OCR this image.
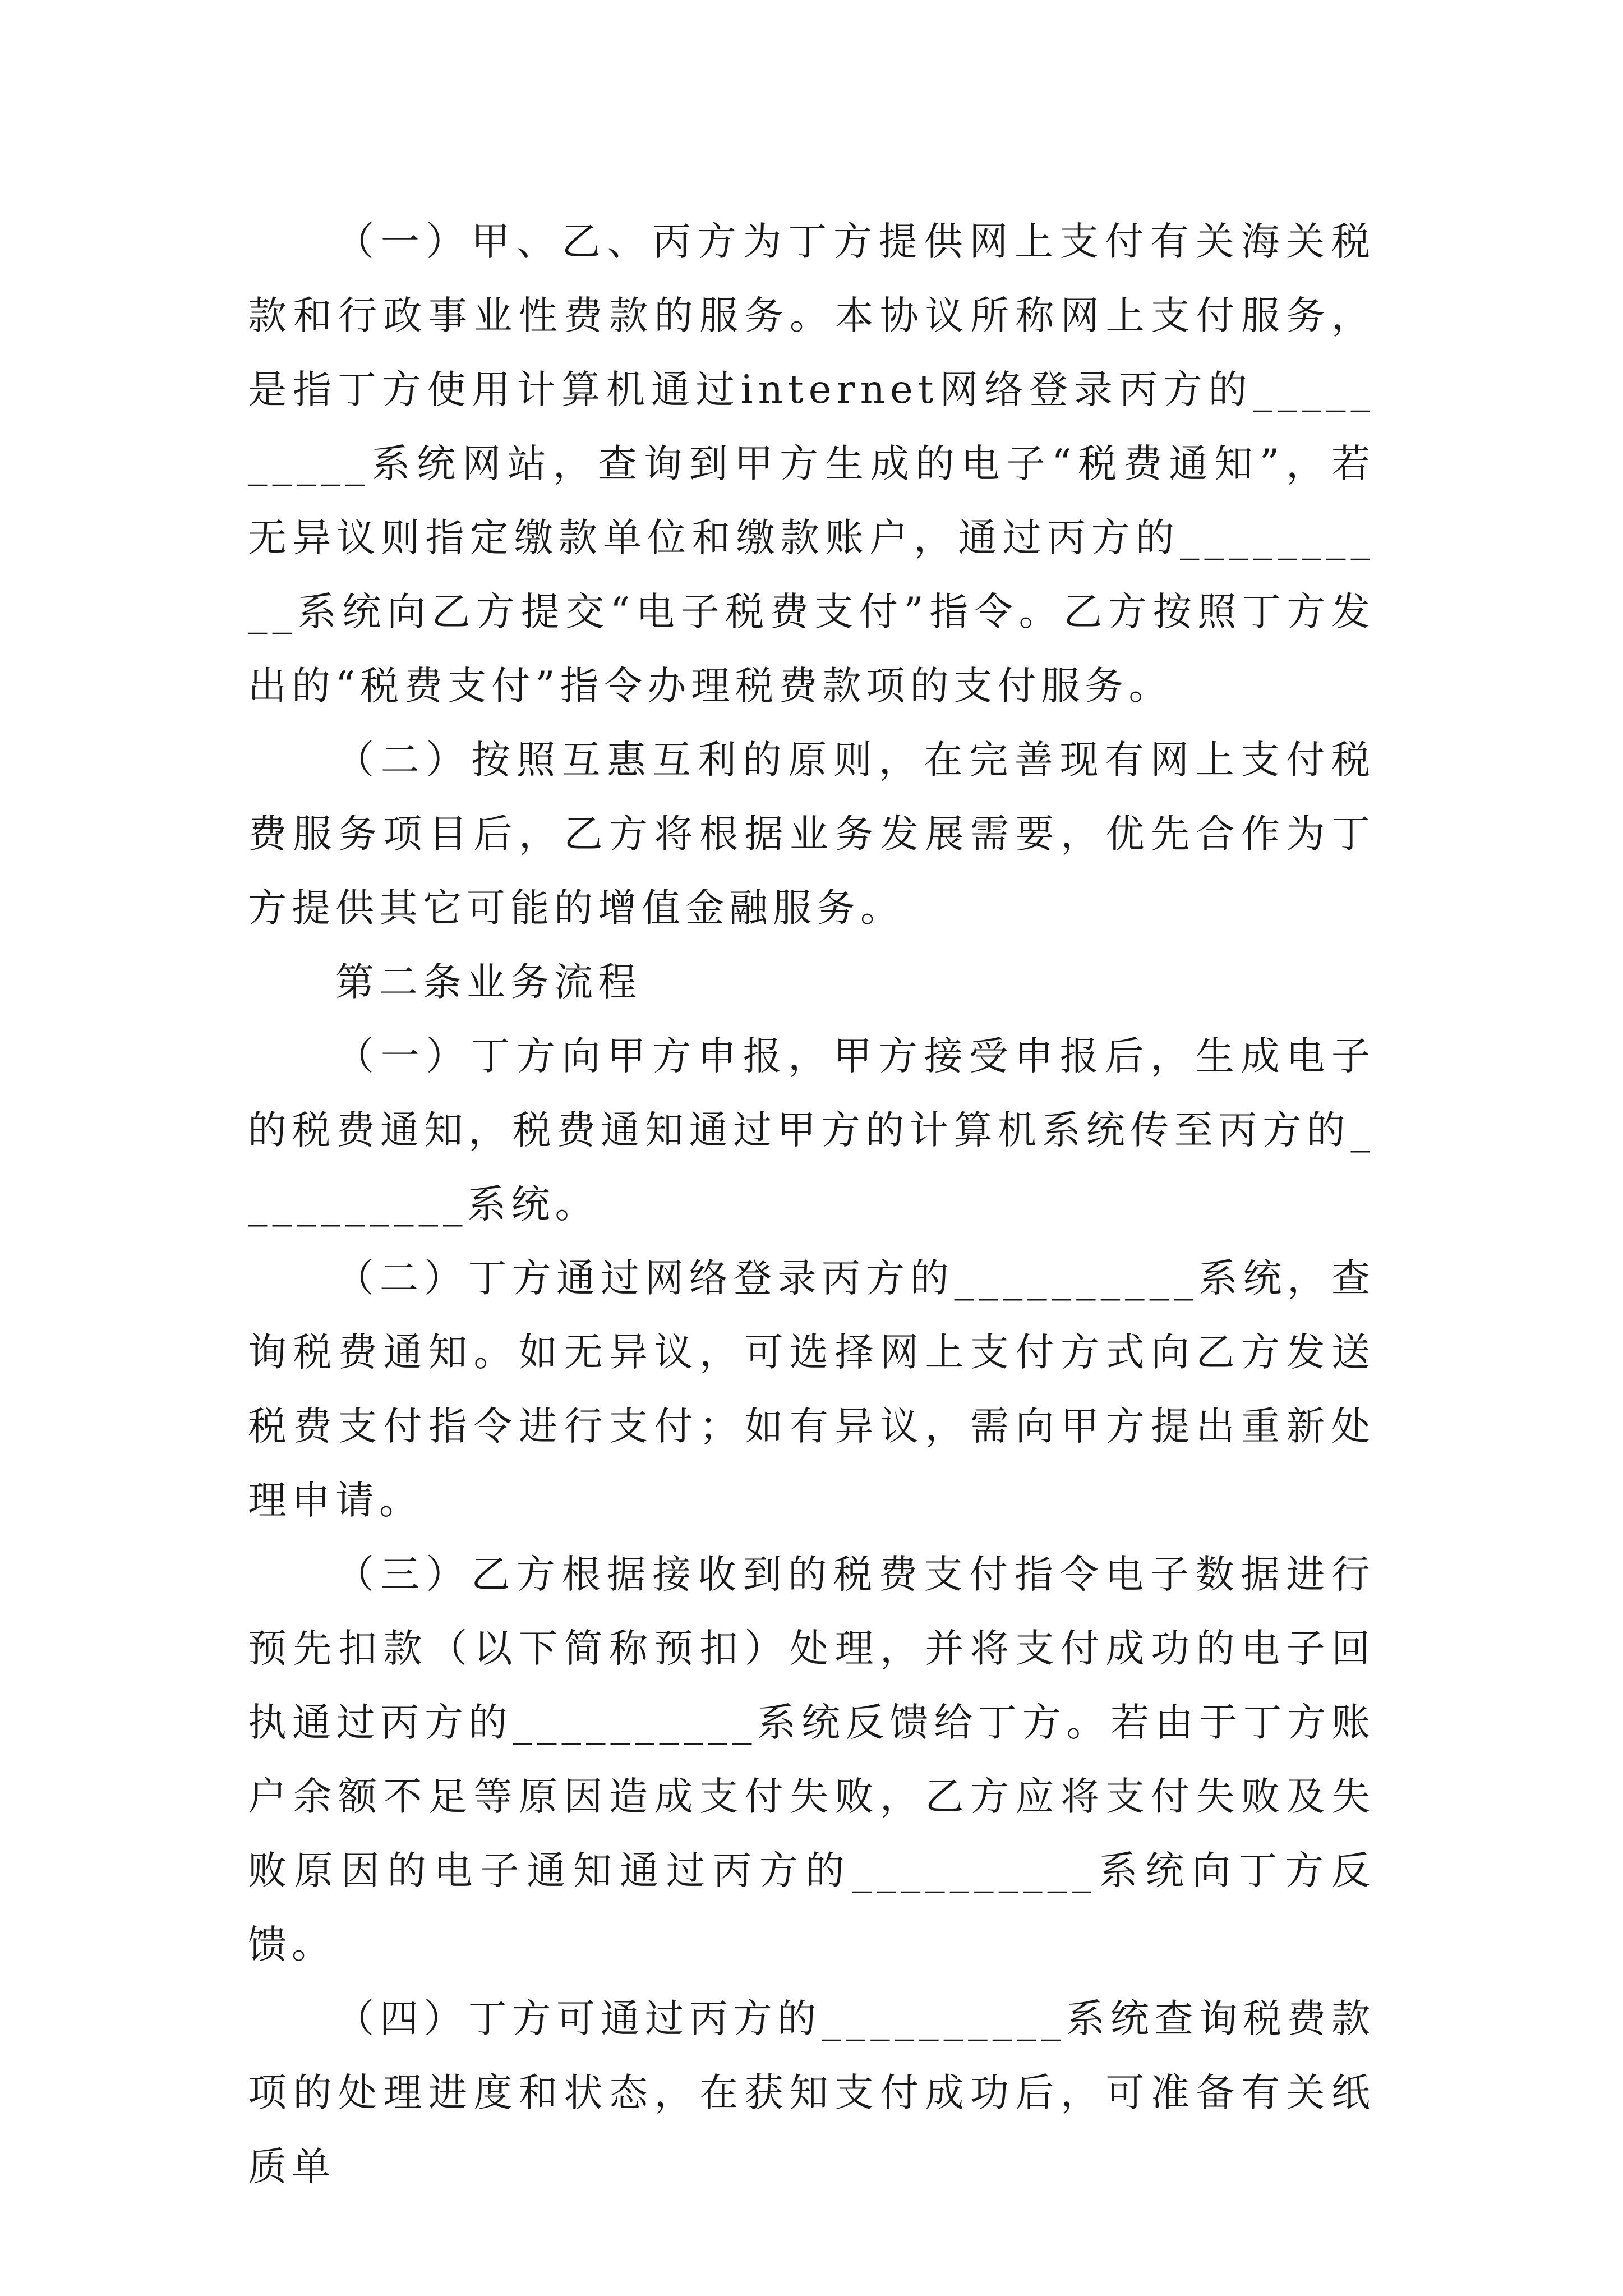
（一）甲、乙、丙方为丁方提供网上支付有关海关税款和行政事业性费款的服务。本协议所称网上支付服务，是指丁方使用计算机通过internet网络登录丙方的__________系统网站，查询到甲方生成的电子“税费通知”，若无异议则指定缴款单位和缴款账户，通过丙方的__________系统向乙方提交“电子税费支付”指令。乙方按照丁方发出的“税费支付”指令办理税费款项的支付服务。

（二）按照互惠互利的原则，在完善现有网上支付税费服务项目后，乙方将根据业务发展需要，优先合作为丁方提供其它可能的增值金融服务。

第二条业务流程

（一）丁方向甲方申报，甲方接受申报后，生成电子的税费通知，税费通知通过甲方的计算机系统传至丙方的__________系统。

（二）丁方通过网络登录丙方的__________系统，查询税费通知。如无异议，可选择网上支付方式向乙方发送税费支付指令进行支付；如有异议，需向甲方提出重新处理申请。

（三）乙方根据接收到的税费支付指令电子数据进行预先扣款（以下简称预扣）处理，并将支付成功的电子回执通过丙方的__________系统反馈给丁方。若由于丁方账户余额不足等原因造成支付失败，乙方应将支付失败及失败原因的电子通知通过丙方的__________系统向丁方反馈。

（四）丁方可通过丙方的__________系统查询税费款项的处理进度和状态，在获知支付成功后，可准备有关纸质单
